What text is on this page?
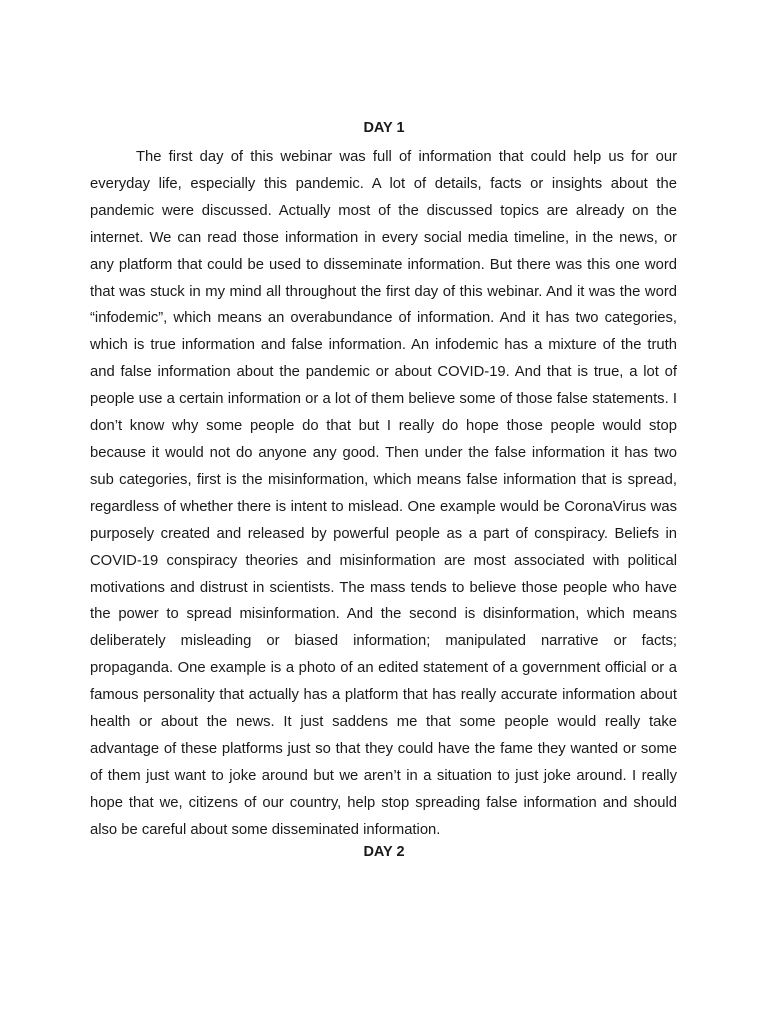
DAY 1

The first day of this webinar was full of information that could help us for our everyday life, especially this pandemic. A lot of details, facts or insights about the pandemic were discussed. Actually most of the discussed topics are already on the internet. We can read those information in every social media timeline, in the news, or any platform that could be used to disseminate information. But there was this one word that was stuck in my mind all throughout the first day of this webinar. And it was the word “infodemic”, which means an overabundance of information. And it has two categories, which is true information and false information. An infodemic has a mixture of the truth and false information about the pandemic or about COVID-19. And that is true, a lot of people use a certain information or a lot of them believe some of those false statements. I don’t know why some people do that but I really do hope those people would stop because it would not do anyone any good. Then under the false information it has two sub categories, first is the misinformation, which means false information that is spread, regardless of whether there is intent to mislead. One example would be CoronaVirus was purposely created and released by powerful people as a part of conspiracy. Beliefs in COVID-19 conspiracy theories and misinformation are most associated with political motivations and distrust in scientists. The mass tends to believe those people who have the power to spread misinformation. And the second is disinformation, which means deliberately misleading or biased information; manipulated narrative or facts; propaganda. One example is a photo of an edited statement of a government official or a famous personality that actually has a platform that has really accurate information about health or about the news. It just saddens me that some people would really take advantage of these platforms just so that they could have the fame they wanted or some of them just want to joke around but we aren’t in a situation to just joke around. I really hope that we, citizens of our country, help stop spreading false information and should also be careful about some disseminated information.

DAY 2
